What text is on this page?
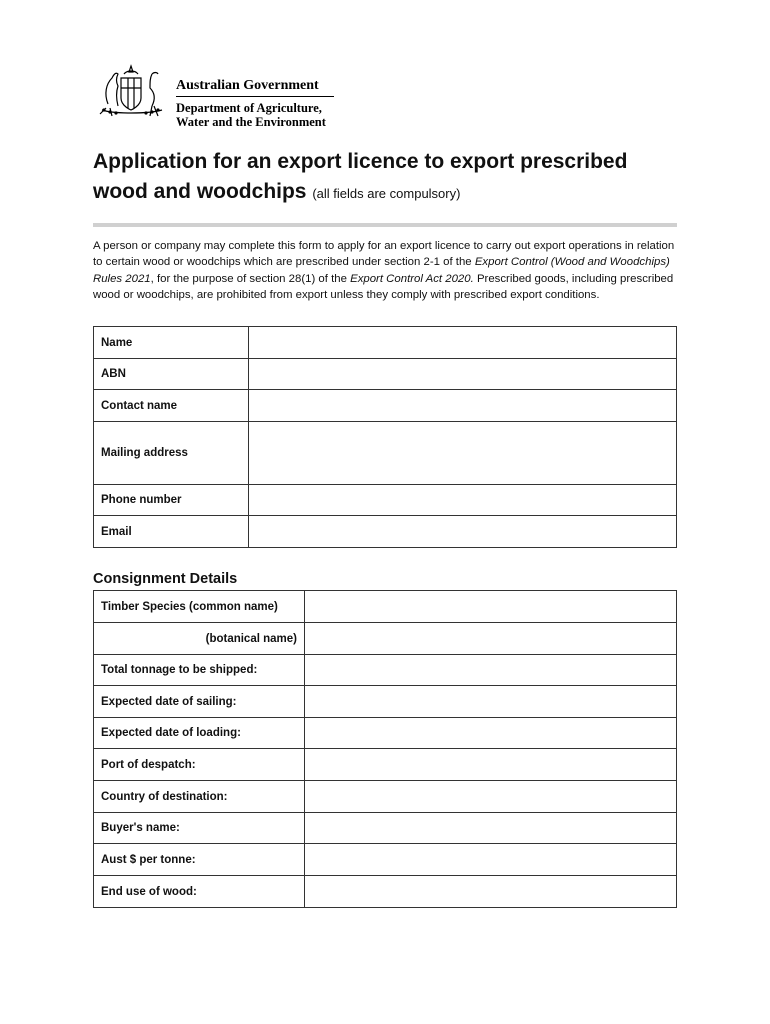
Australian Government
Department of Agriculture,
Water and the Environment
Application for an export licence to export prescribed
wood and woodchips (all fields are compulsory)
A person or company may complete this form to apply for an export licence to carry out export operations in relation to certain wood or woodchips which are prescribed under section 2-1 of the Export Control (Wood and Woodchips) Rules 2021, for the purpose of section 28(1) of the Export Control Act 2020. Prescribed goods, including prescribed wood or woodchips, are prohibited from export unless they comply with prescribed export conditions.
Name	
ABN	
Contact name	
Mailing address	
Phone number	
Email	
Consignment Details
Timber Species (common name)	
(botanical name)	
Total tonnage to be shipped:	
Expected date of sailing:	
Expected date of loading:	
Port of despatch:	
Country of destination:	
Buyer's name:	
Aust $ per tonne:	
End use of wood:	
